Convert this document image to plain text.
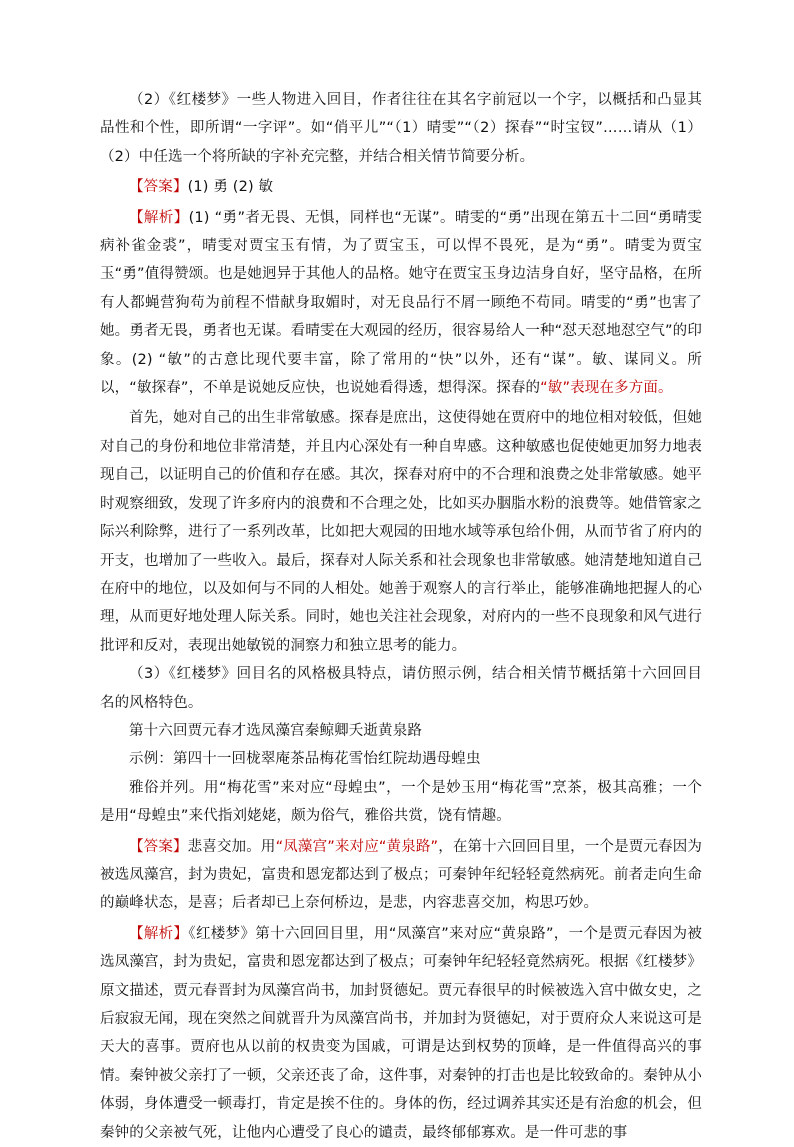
（2）《红楼梦》一些人物进入回目，作者往往在其名字前冠以一个字，以概括和凸显其品性和个性，即所谓“一字评”。如“俏平儿”“（1）晴雯”“（2）探春”“时宝钗”……请从（1）（2）中任选一个将所缺的字补充完整，并结合相关情节简要分析。

【答案】(1) 勇 (2) 敏

【解析】(1) “勇”者无畏、无惧，同样也“无谋”。晴雯的“勇”出现在第五十二回“勇晴雯病补雀金裘”，晴雯对贾宝玉有情，为了贾宝玉，可以悍不畏死，是为“勇”。晴雯为贾宝玉“勇”值得赞颂。也是她迥异于其他人的品格。她守在贾宝玉身边洁身自好，坚守品格，在所有人都蝇营狗苟为前程不惜献身取媚时，对无良品行不屑一顾绝不苟同。晴雯的“勇”也害了她。勇者无畏，勇者也无谋。看晴雯在大观园的经历，很容易给人一种“怼天怼地怼空气”的印象。(2) “敏”的古意比现代要丰富，除了常用的“快”以外，还有“谋”。敏、谋同义。所以，“敏探春”，不单是说她反应快，也说她看得透，想得深。探春的“敏”表现在多方面。

首先，她对自己的出生非常敏感。探春是庶出，这使得她在贾府中的地位相对较低，但她对自己的身份和地位非常清楚，并且内心深处有一种自卑感。这种敏感也促使她更加努力地表现自己，以证明自己的价值和存在感。其次，探春对府中的不合理和浪费之处非常敏感。她平时观察细致，发现了许多府内的浪费和不合理之处，比如买办胭脂水粉的浪费等。她借管家之际兴利除弊，进行了一系列改革，比如把大观园的田地水域等承包给仆佣，从而节省了府内的开支，也增加了一些收入。最后，探春对人际关系和社会现象也非常敏感。她清楚地知道自己在府中的地位，以及如何与不同的人相处。她善于观察人的言行举止，能够准确地把握人的心理，从而更好地处理人际关系。同时，她也关注社会现象，对府内的一些不良现象和风气进行批评和反对，表现出她敏锐的洞察力和独立思考的能力。

（3）《红楼梦》回目名的风格极具特点，请仿照示例，结合相关情节概括第十六回回目名的风格特色。

第十六回贾元春才选凤藻宫秦鲸卿夭逝黄泉路

示例：第四十一回栊翠庵茶品梅花雪怡红院劫遇母蝗虫

雅俗并列。用“梅花雪”来对应“母蝗虫”，一个是妙玉用“梅花雪”烹茶，极其高雅；一个是用“母蝗虫”来代指刘姥姥，颇为俗气，雅俗共赏，饶有情趣。

【答案】悲喜交加。用“凤藻宫”来对应“黄泉路”，在第十六回回目里，一个是贾元春因为被选凤藻宫，封为贵妃，富贵和恩宠都达到了极点；可秦钟年纪轻轻竟然病死。前者走向生命的巅峰状态，是喜；后者却已上奈何桥边，是悲，内容悲喜交加，构思巧妙。

【解析】《红楼梦》第十六回回目里，用“凤藻宫”来对应“黄泉路”，一个是贾元春因为被选凤藻宫，封为贵妃，富贵和恩宠都达到了极点；可秦钟年纪轻轻竟然病死。根据《红楼梦》原文描述，贾元春晋封为凤藻宫尚书，加封贤德妃。贾元春很早的时候被选入宫中做女史，之后寂寂无闻，现在突然之间就晋升为凤藻宫尚书，并加封为贤德妃，对于贾府众人来说这可是天大的喜事。贾府也从以前的权贵变为国戚，可谓是达到权势的顶峰，是一件值得高兴的事情。秦钟被父亲打了一顿，父亲还丧了命，这件事，对秦钟的打击也是比较致命的。秦钟从小体弱，身体遭受一顿毒打，肯定是挨不住的。身体的伤，经过调养其实还是有治愈的机会，但秦钟的父亲被气死，让他内心遭受了良心的谴责，最终郁郁寡欢。是一件可悲的事
